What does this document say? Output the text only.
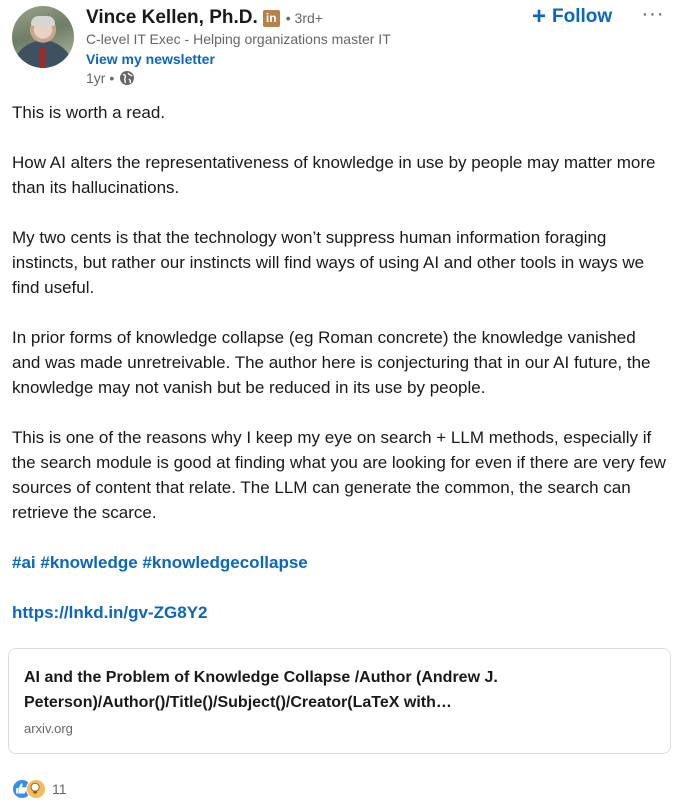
Vince Kellen, Ph.D. in • 3rd+
C-level IT Exec - Helping organizations master IT
View my newsletter
1yr •
+ Follow ···

This is worth a read.

How AI alters the representativeness of knowledge in use by people may matter more than its hallucinations.

My two cents is that the technology won’t suppress human information foraging instincts, but rather our instincts will find ways of using AI and other tools in ways we find useful.

In prior forms of knowledge collapse (eg Roman concrete) the knowledge vanished and was made unretreivable. The author here is conjecturing that in our AI future, the knowledge may not vanish but be reduced in its use by people.

This is one of the reasons why I keep my eye on search + LLM methods, especially if the search module is good at finding what you are looking for even if there are very few sources of content that relate. The LLM can generate the common, the search can retrieve the scarce.

#ai #knowledge #knowledgecollapse

https://lnkd.in/gv-ZG8Y2

AI and the Problem of Knowledge Collapse /Author (Andrew J. Peterson)/Author()/Title()/Subject()/Creator(LaTeX with
arxiv.org
11
